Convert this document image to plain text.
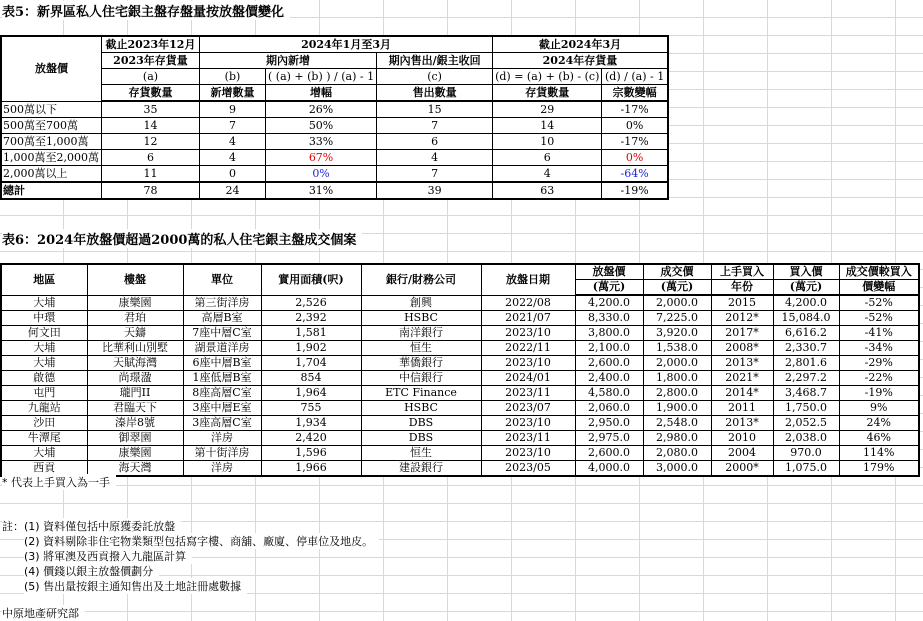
表5：新界區私人住宅銀主盤存盤量按放盤價變化
放盤價	截止2023年12月	2024年1月至3月			截止2024年3月	
	2023年存貨量	期內新增		期內售出/銀主收回	2024年存貨量	
	(a)	(b)	( (a) + (b) ) / (a) - 1	(c)	(d) = (a) + (b) - (c)	(d) / (a) - 1
	存貨數量	新增數量	增幅	售出數量	存貨數量	宗數變幅
500萬以下	35	9	26%	15	29	-17%
500萬至700萬	14	7	50%	7	14	0%
700萬至1,000萬	12	4	33%	6	10	-17%
1,000萬至2,000萬	6	4	67%	4	6	0%
2,000萬以上	11	0	0%	7	4	-64%
總計	78	24	31%	39	63	-19%
表6：2024年放盤價超過2000萬的私人住宅銀主盤成交個案
地區	樓盤	單位	實用面積(呎)	銀行/財務公司	放盤日期	放盤價	成交價	上手買入	買入價	成交價較買入
						(萬元)	(萬元)	年份	(萬元)	價變幅
大埔	康樂園	第三街洋房	2,526	創興	2022/08	4,200.0	2,000.0	2015	4,200.0	-52%
中環	君珀	高層B室	2,392	HSBC	2021/07	8,330.0	7,225.0	2012*	15,084.0	-52%
何文田	天鑄	7座中層C室	1,581	南洋銀行	2023/10	3,800.0	3,920.0	2017*	6,616.2	-41%
大埔	比華利山別墅	湖景道洋房	1,902	恒生	2022/11	2,100.0	1,538.0	2008*	2,330.7	-34%
大埔	天賦海灣	6座中層B室	1,704	華僑銀行	2023/10	2,600.0	2,000.0	2013*	2,801.6	-29%
啟德	尚璟溋	1座低層B室	854	中信銀行	2024/01	2,400.0	1,800.0	2021*	2,297.2	-22%
屯門	瓏門II	8座高層C室	1,964	ETC Finance	2023/11	4,580.0	2,800.0	2014*	3,468.7	-19%
九龍站	君臨天下	3座中層E室	755	HSBC	2023/07	2,060.0	1,900.0	2011	1,750.0	9%
沙田	溱岸8號	3座高層C室	1,934	DBS	2023/10	2,950.0	2,548.0	2013*	2,052.5	24%
牛潭尾	御翠園	洋房	2,420	DBS	2023/11	2,975.0	2,980.0	2010	2,038.0	46%
大埔	康樂園	第十街洋房	1,596	恒生	2023/10	2,600.0	2,080.0	2004	970.0	114%
西貢	海天灣	洋房	1,966	建設銀行	2023/05	4,000.0	3,000.0	2000*	1,075.0	179%
* 代表上手買入為一手
註：(1) 資料僅包括中原獲委託放盤
(2) 資料剔除非住宅物業類型包括寫字樓、商舖、廠廈、停車位及地皮。
(3) 將軍澳及西貢撥入九龍區計算
(4) 價錢以銀主放盤價劃分
(5) 售出量按銀主通知售出及土地註冊處數據
中原地產研究部
